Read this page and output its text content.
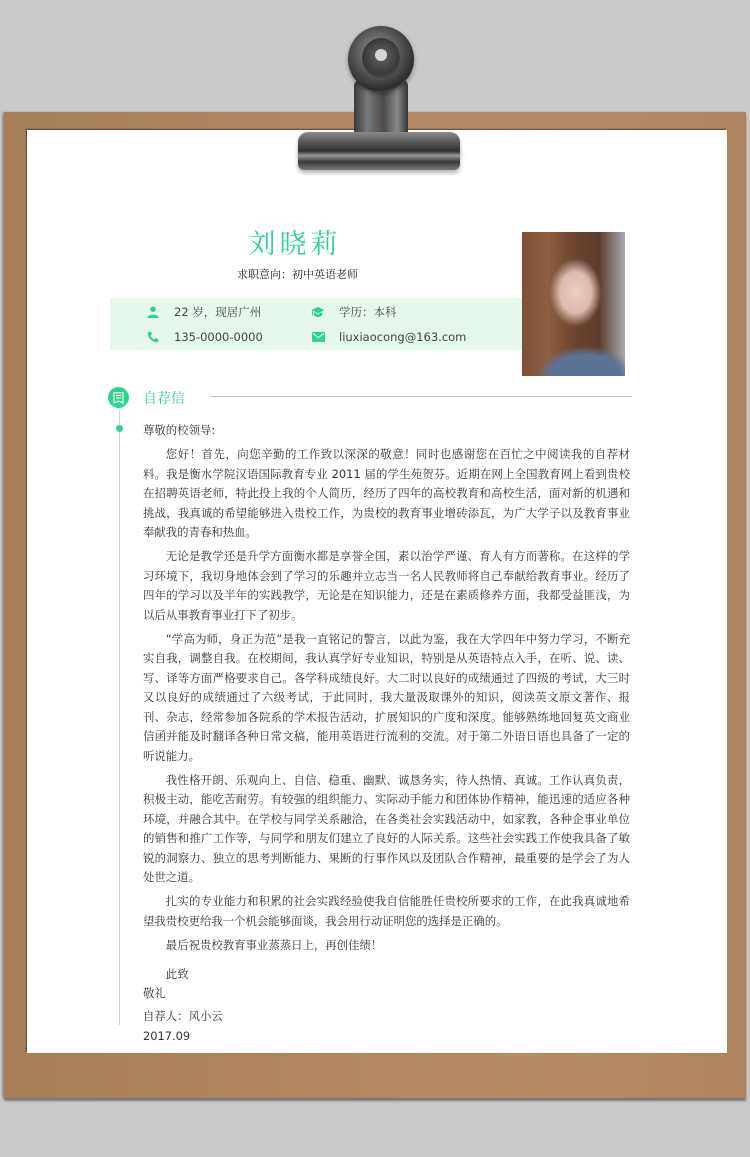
刘晓莉
求职意向：初中英语老师
22 岁，现居广州	学历：本科
135-0000-0000	liuxiaocong@163.com
自荐信

尊敬的校领导:

您好！首先，向您辛勤的工作致以深深的敬意！同时也感谢您在百忙之中阅读我的自荐材料。我是衡水学院汉语国际教育专业 2011 届的学生苑贺芬。近期在网上全国教育网上看到贵校在招聘英语老师，特此投上我的个人简历，经历了四年的高校教育和高校生活，面对新的机遇和挑战，我真诚的希望能够进入贵校工作，为贵校的教育事业增砖添瓦，为广大学子以及教育事业奉献我的青春和热血。

无论是教学还是升学方面衡水都是享誉全国，素以治学严谨、育人有方而著称。在这样的学习环境下，我切身地体会到了学习的乐趣并立志当一名人民教师将自己奉献给教育事业。经历了四年的学习以及半年的实践教学，无论是在知识能力，还是在素质修养方面，我都受益匪浅，为以后从事教育事业打下了初步。

“学高为师，身正为范”是我一直铭记的警言，以此为鉴，我在大学四年中努力学习，不断充实自我，调整自我。在校期间，我认真学好专业知识，特别是从英语特点入手，在听、说、读、写、译等方面严格要求自己。各学科成绩良好。大二时以良好的成绩通过了四级的考试，大三时又以良好的成绩通过了六级考试，于此同时，我大量汲取课外的知识，阅读英文原文著作、报刊、杂志，经常参加各院系的学术报告活动，扩展知识的广度和深度。能够熟练地回复英文商业信函并能及时翻译各种日常文稿，能用英语进行流利的交流。对于第二外语日语也具备了一定的听说能力。

我性格开朗、乐观向上、自信、稳重、幽默、诚恳务实，待人热情、真诚。工作认真负责，积极主动，能吃苦耐劳。有较强的组织能力、实际动手能力和团体协作精神，能迅速的适应各种环境，并融合其中。在学校与同学关系融洽，在各类社会实践活动中，如家教，各种企事业单位的销售和推广工作等，与同学和朋友们建立了良好的人际关系。这些社会实践工作使我具备了敏锐的洞察力、独立的思考判断能力、果断的行事作风以及团队合作精神，最重要的是学会了为人处世之道。

扎实的专业能力和积累的社会实践经验使我自信能胜任贵校所要求的工作，在此我真诚地希望我贵校更给我一个机会能够面谈，我会用行动证明您的选择是正确的。

最后祝贵校教育事业蒸蒸日上，再创佳绩！

此致

敬礼

自荐人：风小云

2017.09
